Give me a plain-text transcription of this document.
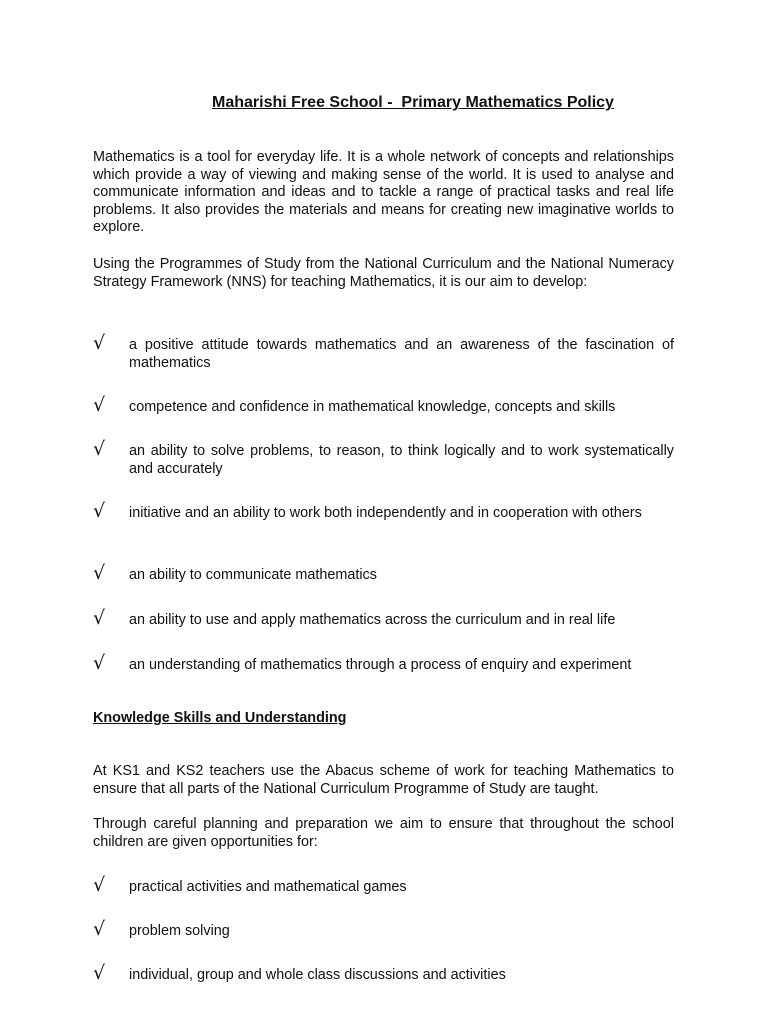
Maharishi Free School -  Primary Mathematics Policy
Mathematics is a tool for everyday life. It is a whole network of concepts and relationships which provide a way of viewing and making sense of the world. It is used to analyse and communicate information and ideas and to tackle a range of practical tasks and real life problems. It also provides the materials and means for creating new imaginative worlds to explore.
Using the Programmes of Study from the National Curriculum and the National Numeracy Strategy Framework (NNS) for teaching Mathematics, it is our aim to develop:
√ a positive attitude towards mathematics and an awareness of the fascination of mathematics
√ competence and confidence in mathematical knowledge, concepts and skills
√ an ability to solve problems, to reason, to think logically and to work systematically and accurately
√ initiative and an ability to work both independently and in cooperation with others
√ an ability to communicate mathematics
√ an ability to use and apply mathematics across the curriculum and in real life
√ an understanding of mathematics through a process of enquiry and experiment
Knowledge Skills and Understanding
At KS1 and KS2 teachers use the Abacus scheme of work for teaching Mathematics to ensure that all parts of the National Curriculum Programme of Study are taught.
Through careful planning and preparation we aim to ensure that throughout the school children are given opportunities for:
√ practical activities and mathematical games
√ problem solving
√ individual, group and whole class discussions and activities
